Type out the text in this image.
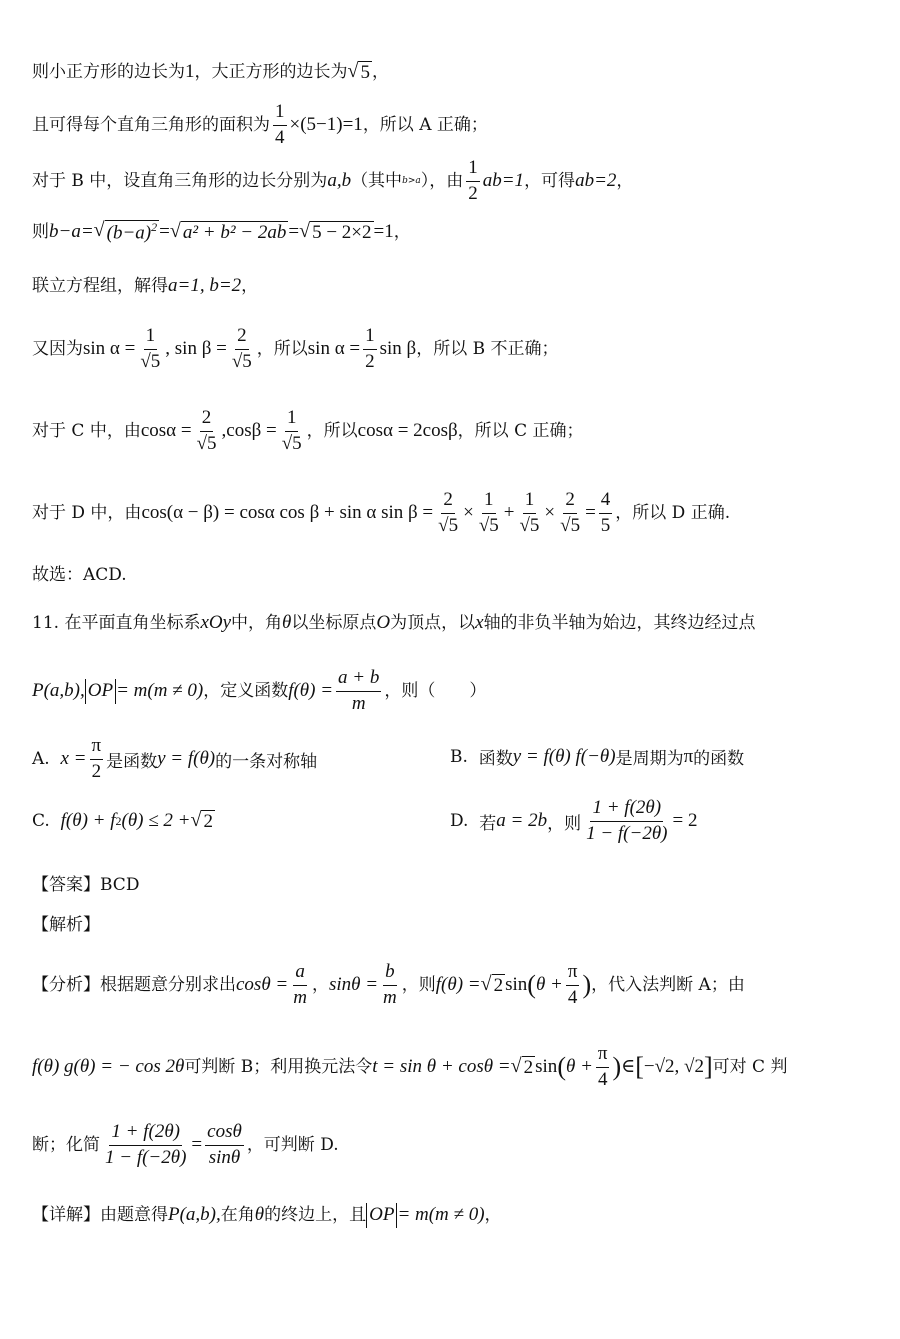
则小正方形的边长为 1 ，大正方形的边长为 √ 5 ，
且可得每个直角三角形的面积为 $\frac{1}{4} \times(5-1)=1$ ，所以 A 正确；
对于 B 中，设直角三角形的边长分别为 a,b （其中 b>a ），由 $\frac{1}{2} ab=1$ ，可得 ab=2 ，
则 b−a= √ $(b-a)^2$ = √ a² + b² − 2ab = √ 5 − 2×2 =1 ，
联立方程组，解得 a=1, b=2 ，
又因为 $\sin \alpha = \frac{1}{√5}$ , $\sin \beta = \frac{2}{√5}$ ，所以 $\sin \alpha = \frac{1}{2}$ sin β ，所以 B 不正确；
对于 C 中，由 $\cos\alpha = \frac{2}{√5} ,\cos\beta = \frac{1}{√5}$ ，所以 cosα = 2cosβ ，所以 C 正确；
对于 D 中，由 cos(α − β) = cosα cos β + sin α $\sin \beta = \frac{2}{√5} \times \frac{1}{√5} + \frac{1}{√5} \times \frac{2}{√5} = \frac{4}{5}$ ，所以 D 正确.
故选：ACD.
11. 在平面直角坐标系 xOy 中，角 θ 以坐标原点 O 为顶点，以 x 轴的非负半轴为始边，其终边经过点
P(a,b), OP = m(m ≠ 0) ，定义函数 $f(\theta) = \frac{a + b}{m}$ ，则（　　）
A.
$x = \frac{\pi}{2}$ 是函数 y = f(θ) 的一条对称轴	B.
函数 y = f(θ) f(−θ) 是周期为 π 的函数
C.
f(θ) + f 2 (θ) ≤ 2 + √ 2	D.
若 a = 2b ，则 $\frac{1 + f(2\theta)}{1 - f(-2\theta)} = 2$
【答案】BCD
【解析】
【分析】根据题意分别求出 $\cos\theta = \frac{a}{m}$ ， $\sin\theta = \frac{b}{m}$ ，则 f(θ) = √ 2 sin ( $\theta + \frac{\pi}{4}$ ) ，代入法判断 A；由
f(θ) g(θ) = − cos 2θ 可判断 B；利用换元法令 t = sin θ + cosθ = √ 2 sin ( $\theta + \frac{\pi}{4}$ ) ∈ [ −√2, √2 ] 可对 C 判
断；化简 $\frac{1 + f(2\theta)}{1 - f(-2\theta)} = \frac{\cos\theta}{\sin\theta}$ ，可判断 D.
【详解】由题意得 P(a,b), 在角 θ 的终边上，且 OP = m(m ≠ 0) ，
